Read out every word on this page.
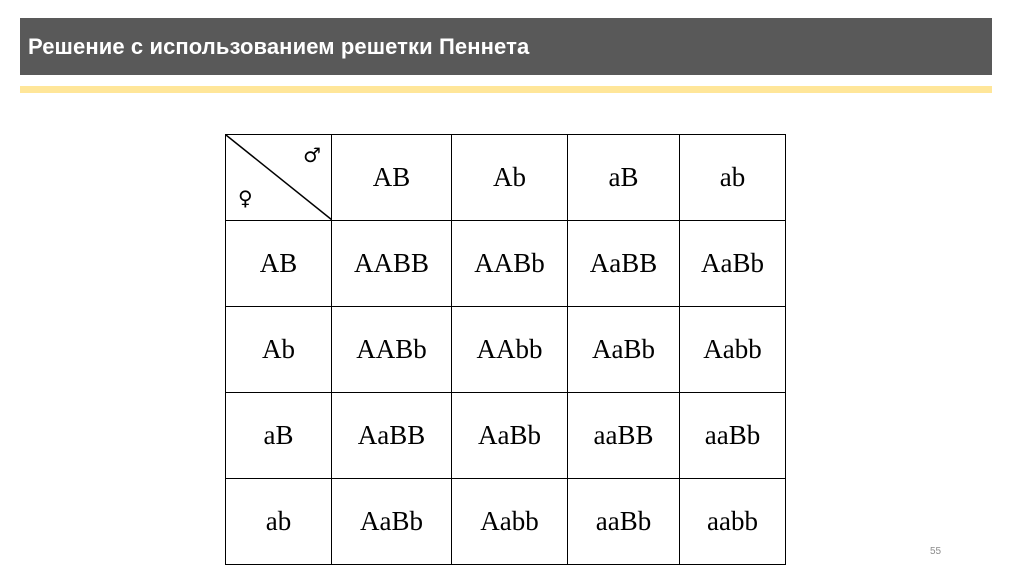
Решение с использованием решетки Пеннета
♂
♀	AB	Ab	aB	ab
AB	AABB	AABb	AaBB	AaBb
Ab	AABb	AAbb	AaBb	Aabb
aB	AaBB	AaBb	aaBB	aaBb
ab	AaBb	Aabb	aaBb	aabb
55
